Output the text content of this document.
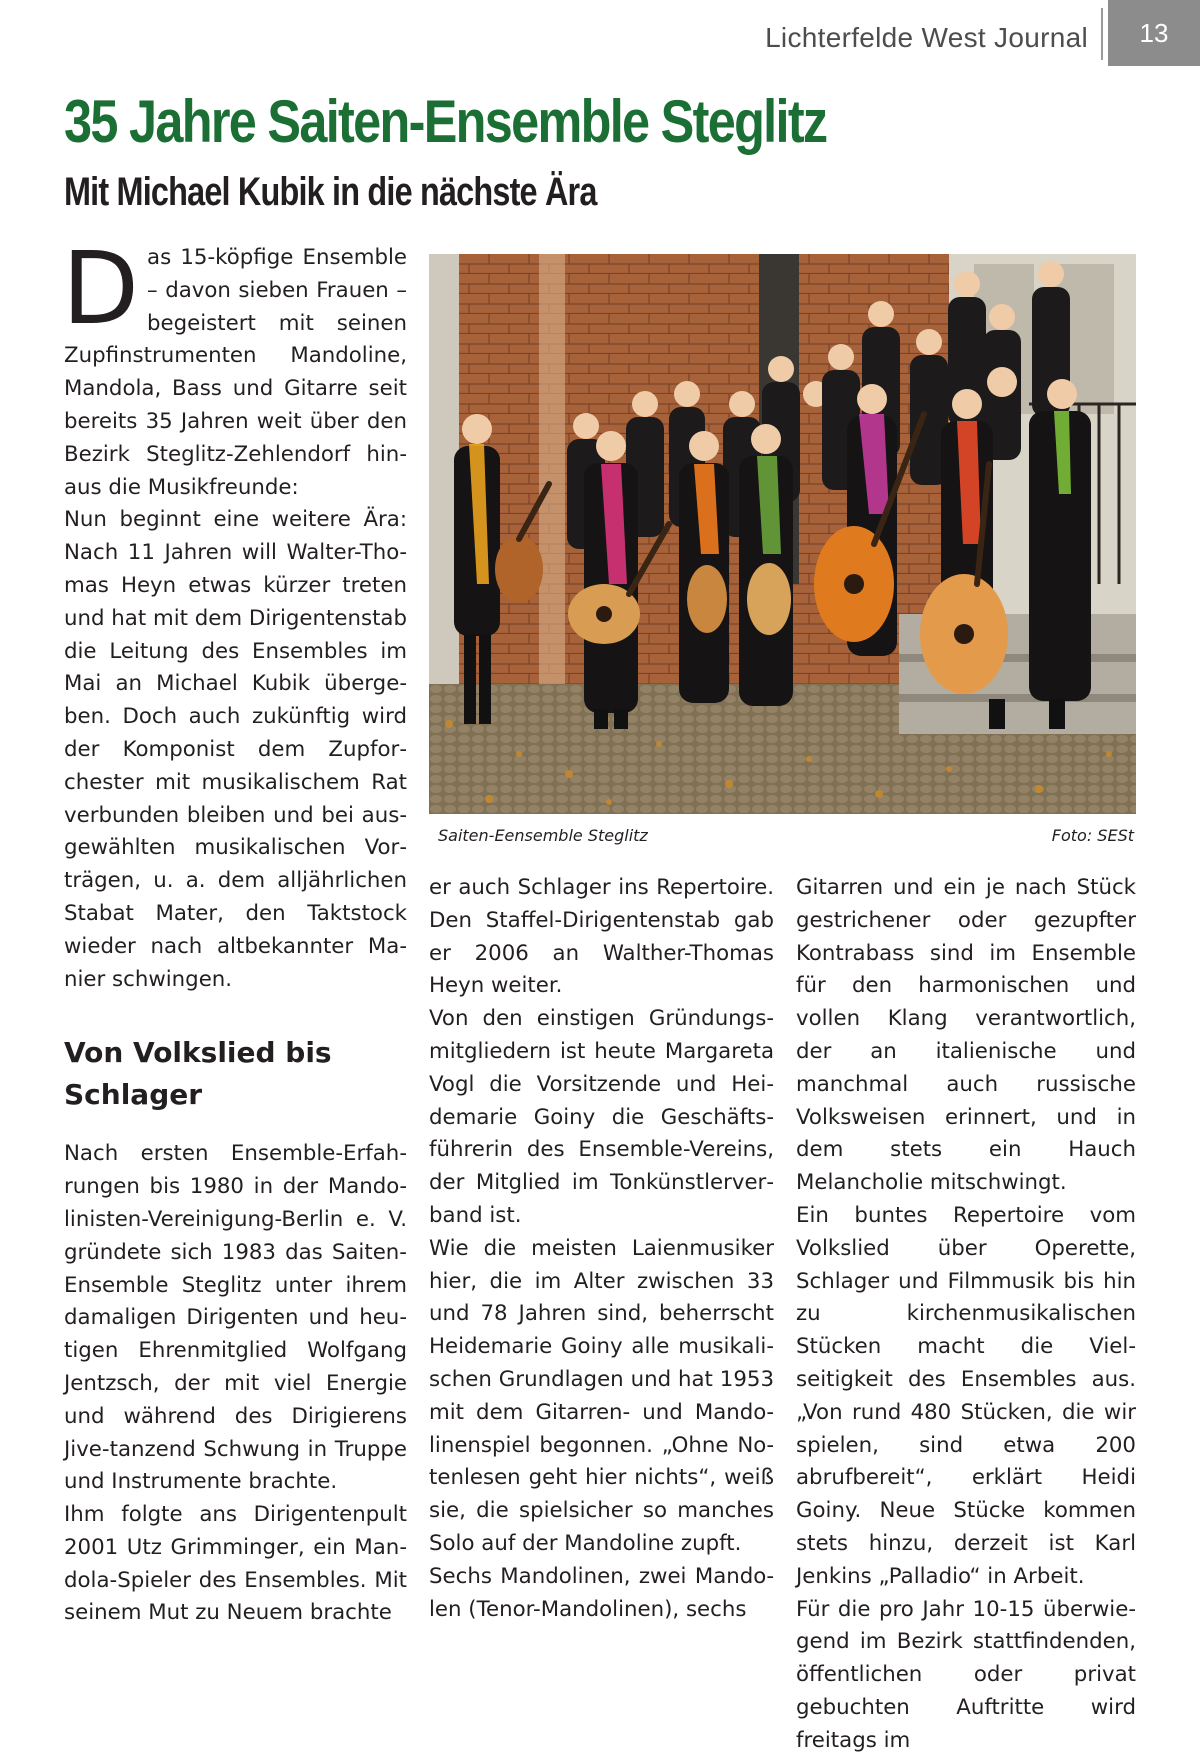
Lichterfelde West Journal	13
35 Jahre Saiten-Ensemble Steglitz
Mit Michael Kubik in die nächste Ära

Das 15-köpfige Ensemble – davon sieben Frauen – begeistert mit seinen Zupfinstrumenten Mandoline, Mandola, Bass und Gitarre seit bereits 35 Jahren weit über den Bezirk Steglitz-Zehlendorf hinaus die Musikfreunde:

Nun beginnt eine weitere Ära: Nach 11 Jahren will Walter-Thomas Heyn etwas kürzer treten und hat mit dem Dirigentenstab die Leitung des Ensembles im Mai an Michael Kubik übergeben. Doch auch zukünftig wird der Komponist dem Zupforchester mit musikalischem Rat verbunden bleiben und bei ausgewählten musikalischen Vorträgen, u. a. dem alljährlichen Stabat Mater, den Taktstock wieder nach altbekannter Manier schwingen.

Von Volkslied bis Schlager

Nach ersten Ensemble-Erfahrungen bis 1980 in der Mandolinisten-Vereinigung-Berlin e. V. gründete sich 1983 das Saiten-Ensemble Steglitz unter ihrem damaligen Dirigenten und heutigen Ehrenmitglied Wolfgang Jentzsch, der mit viel Energie und während des Dirigierens Jive-tanzend Schwung in Truppe und Instrumente brachte.

Ihm folgte ans Dirigentenpult 2001 Utz Grimminger, ein Mandola-Spieler des Ensembles. Mit seinem Mut zu Neuem brachte

Saiten-Eensemble Steglitz	Foto: SESt

er auch Schlager ins Repertoire. Den Staffel-Dirigentenstab gab er 2006 an Walther-Thomas Heyn weiter.

Von den einstigen Gründungsmitgliedern ist heute Margareta Vogl die Vorsitzende und Heidemarie Goiny die Geschäftsführerin des Ensemble-Vereins, der Mitglied im Tonkünstlerverband ist.

Wie die meisten Laienmusiker hier, die im Alter zwischen 33 und 78 Jahren sind, beherrscht Heidemarie Goiny alle musikalischen Grundlagen und hat 1953 mit dem Gitarren- und Mandolinenspiel begonnen. „Ohne Notenlesen geht hier nichts“, weiß sie, die spielsicher so manches Solo auf der Mandoline zupft.

Sechs Mandolinen, zwei Mandolen (Tenor-Mandolinen), sechs

Gitarren und ein je nach Stück gestrichener oder gezupfter Kontrabass sind im Ensemble für den harmonischen und vollen Klang verantwortlich, der an italienische und manchmal auch russische Volksweisen erinnert, und in dem stets ein Hauch Melancholie mitschwingt.

Ein buntes Repertoire vom Volkslied über Operette, Schlager und Filmmusik bis hin zu kirchenmusikalischen Stücken macht die Vielseitigkeit des Ensembles aus. „Von rund 480 Stücken, die wir spielen, sind etwa 200 abrufbereit“, erklärt Heidi Goiny. Neue Stücke kommen stets hinzu, derzeit ist Karl Jenkins „Palladio“ in Arbeit.

Für die pro Jahr 10-15 überwiegend im Bezirk stattfindenden, öffentlichen oder privat gebuchten Auftritte wird freitags im
